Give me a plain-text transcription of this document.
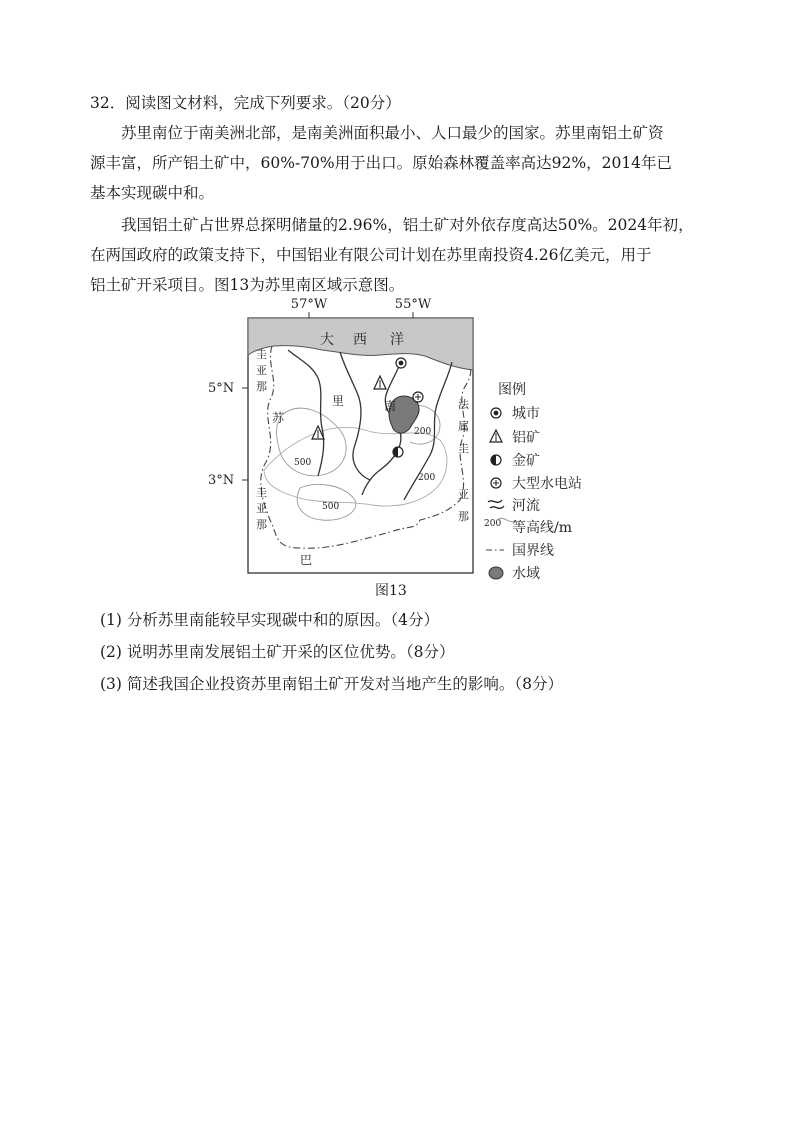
32．阅读图文材料，完成下列要求。（20分）
苏里南位于南美洲北部，是南美洲面积最小、人口最少的国家。苏里南铝土矿资
源丰富，所产铝土矿中，60%-70%用于出口。原始森林覆盖率高达92%，2014年已
基本实现碳中和。
我国铝土矿占世界总探明储量的2.96%，铝土矿对外依存度高达50%。2024年初，
在两国政府的政策支持下，中国铝业有限公司计划在苏里南投资4.26亿美元，用于
铝土矿开采项目。图13为苏里南区域示意图。
57°W	55°W
5°N
3°N
大 西 洋
圭
亚
那
圭
亚
那
苏
里	南	法
属
圭
亚
那
巴
500
500
200
200
图例
城市
铝矿
金矿
大型水电站
河流
200 等高线/m
国界线
水域
图13
(1) 分析苏里南能较早实现碳中和的原因。（4分）
(2) 说明苏里南发展铝土矿开采的区位优势。（8分）
(3) 简述我国企业投资苏里南铝土矿开发对当地产生的影响。（8分）
